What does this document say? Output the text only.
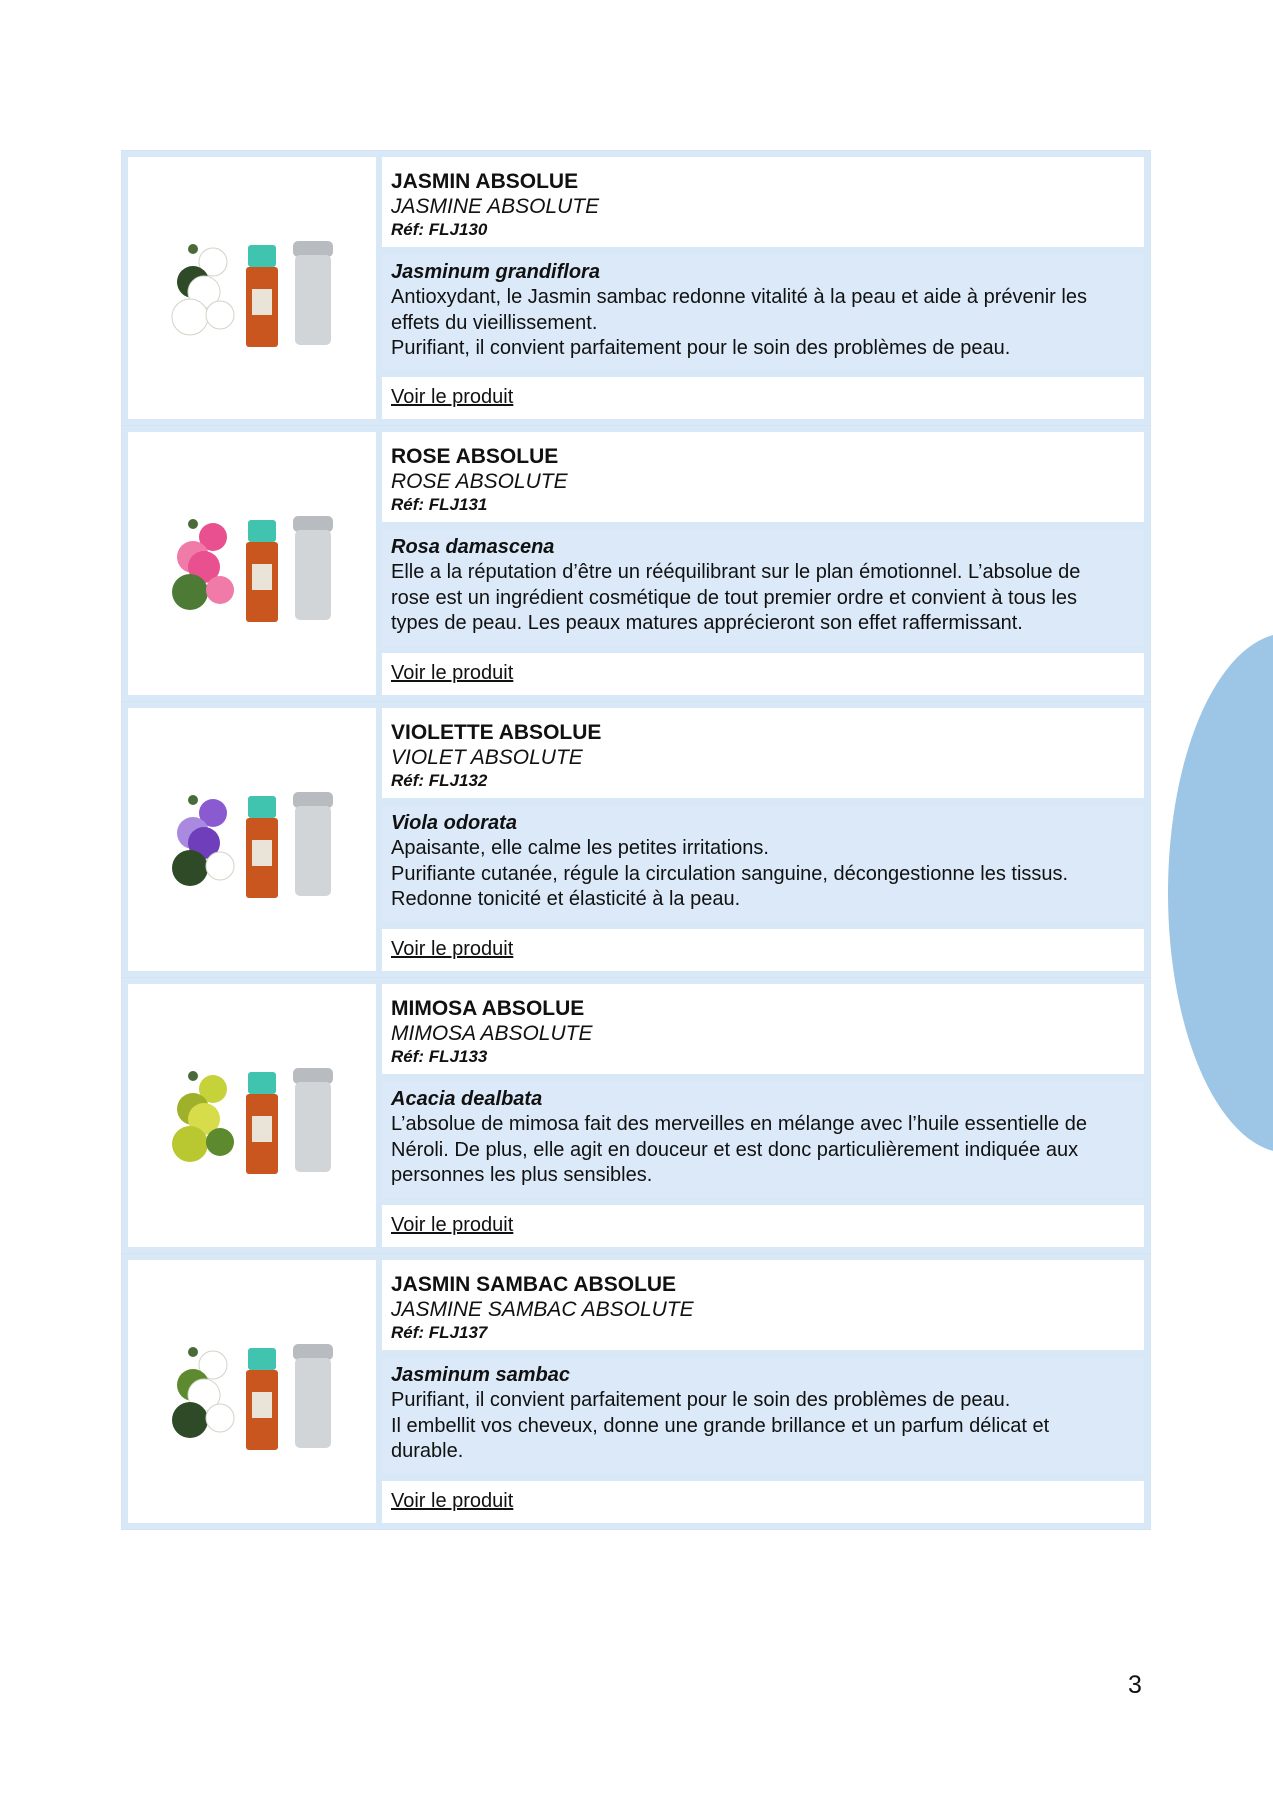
JASMIN ABSOLUE
JASMINE ABSOLUTE
Réf: FLJ130
Jasminum grandiflora
Antioxydant, le Jasmin sambac redonne vitalité à la peau et aide à prévenir les
effets du vieillissement.
Purifiant, il convient parfaitement pour le soin des problèmes de peau.
Voir le produit
ROSE ABSOLUE
ROSE ABSOLUTE
Réf: FLJ131
Rosa damascena
Elle a la réputation d’être un rééquilibrant sur le plan émotionnel. L’absolue de
rose est un ingrédient cosmétique de tout premier ordre et convient à tous les
types de peau. Les peaux matures apprécieront son effet raffermissant.
Voir le produit
VIOLETTE ABSOLUE
VIOLET ABSOLUTE
Réf: FLJ132
Viola odorata
Apaisante, elle calme les petites irritations.
Purifiante cutanée, régule la circulation sanguine, décongestionne les tissus.
Redonne tonicité et élasticité à la peau.
Voir le produit
MIMOSA ABSOLUE
MIMOSA ABSOLUTE
Réf: FLJ133
Acacia dealbata
L’absolue de mimosa fait des merveilles en mélange avec l’huile essentielle de
Néroli. De plus, elle agit en douceur et est donc particulièrement indiquée aux
personnes les plus sensibles.
Voir le produit
JASMIN SAMBAC ABSOLUE
JASMINE SAMBAC ABSOLUTE
Réf: FLJ137
Jasminum sambac
Purifiant, il convient parfaitement pour le soin des problèmes de peau.
Il embellit vos cheveux, donne une grande brillance et un parfum délicat et
durable.
Voir le produit
3
